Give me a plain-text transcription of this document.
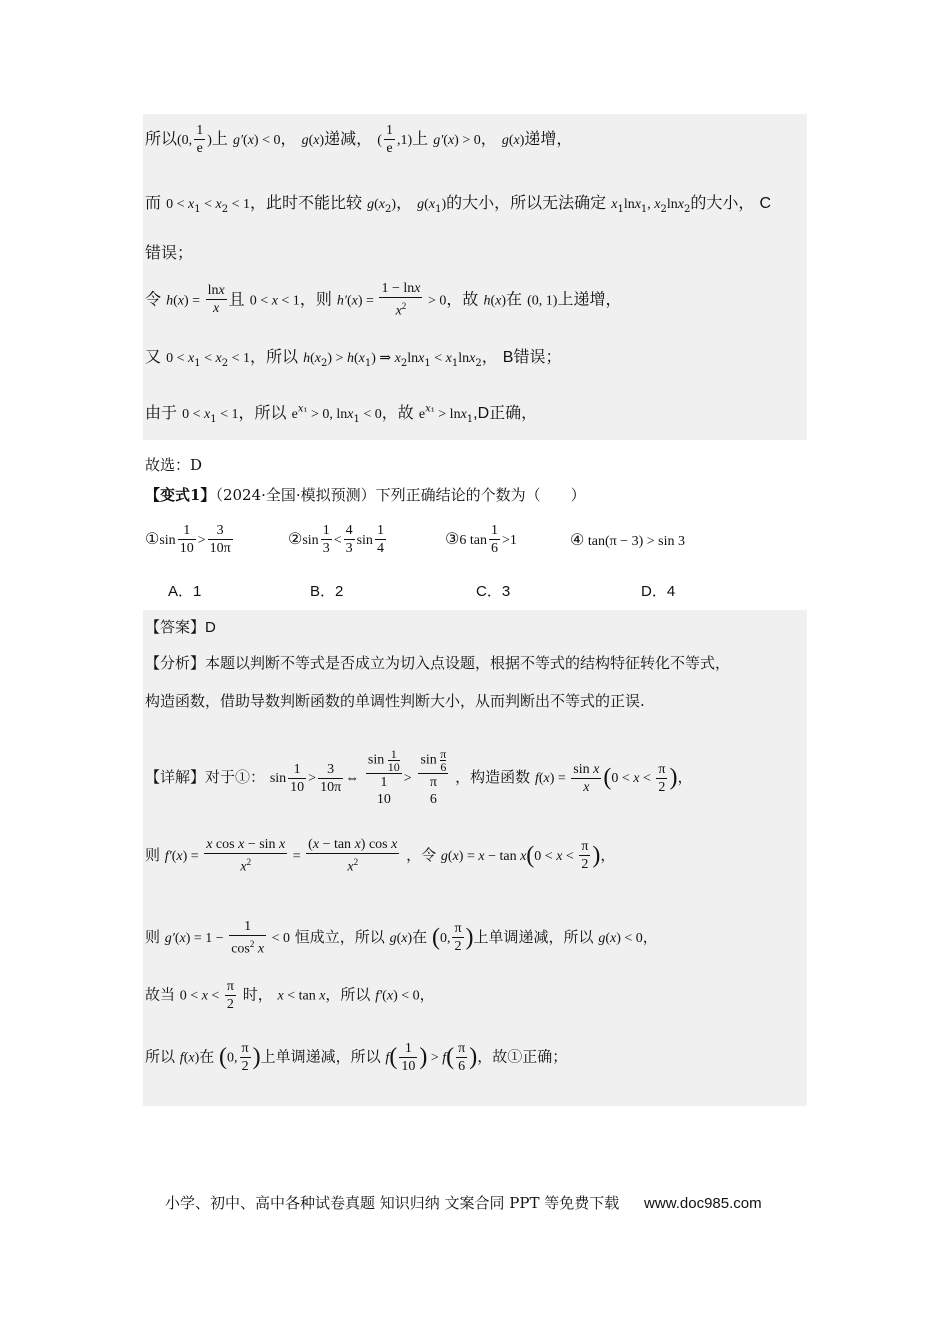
所以(0, $\frac{1}{e}$ )上 g′(x) < 0， g(x)递减， ( $\frac{1}{e} ,1$)上 g′(x) > 0， g(x)递增，
而 $0 < x_1 < x_2 < 1$，此时不能比较 $g(x_2)$， $g(x_1)$的大小，所以无法确定 $x_1\ln x_1$, $x_2\ln x_2$的大小， C
错误；
令 $h(x) = \frac{\ln x}{x}$ 且 0 < x < 1，则 $h'(x) = \frac{1 - \ln x}{x^2} > 0$，故 h(x)在 (0, 1)上递增，
又 $0 < x_1 < x_2 < 1$，所以 $h(x_2) > h(x_1)$ ⇒ $x_2\ln x_1 < x_1\ln x_2$， B错误；
由于 $0 < x_1 < 1$，所以 $e^{x_1} > 0$, lnx$_1$ < 0，故 $e^{x_1} > \ln x_1,D$正确，
故选：D
【变式1】（2024·全国·模拟预测）下列正确结论的个数为（　　）
①sin $\frac{1}{10} > \frac{3}{10\pi}$	②sin $\frac{1}{3} < \frac{4}{3}$ $\sin \frac{1}{4}$	③6 $\tan \frac{1}{6} >1$	④ tan(π − 3) > sin 3
A．1	B．2	C．3	D．4
【答案】D
【分析】本题以判断不等式是否成立为切入点设题，根据不等式的结构特征转化不等式，
构造函数，借助导数判断函数的单调性判断大小，从而判断出不等式的正误.
【详解】对于①： $\sin \frac{1}{10} > \frac{3}{10\pi}$ ⇔
$\sin \frac{1}{10}$
1
10
>
$\sin \frac{\pi}{6}$
π
6
，构造函数 $f(x) = \frac{\text{sin x}}{x} (0 < x < \frac{\pi}{2}$ )，
则 $f'(x) = \frac{\text{x cos x − sin x}}{x^2} = \frac{\text{(x − tan x) cos x}}{x^2}$ ，令 $g(x) = x - \tan x(0 < x < \frac{\pi}{2}$ )，
则 $g'(x) = 1 - \frac{1}{\cos^2 x} < 0$ 恒成立，所以 g(x)在 (0, $\frac{\pi}{2}$ )上单调递减，所以 g(x) < 0，
故当 $0 < x < \frac{\pi}{2}$ 时， x < tan x，所以 f′(x) < 0，
所以 f(x)在 (0, $\frac{\pi}{2}$ )上单调递减，所以 $f( \frac{1}{10}$ ) > $f( \frac{\pi}{6}$ )，故①正确；
小学、初中、高中各种试卷真题 知识归纳 文案合同 PPT 等免费下载 www.doc985.com
